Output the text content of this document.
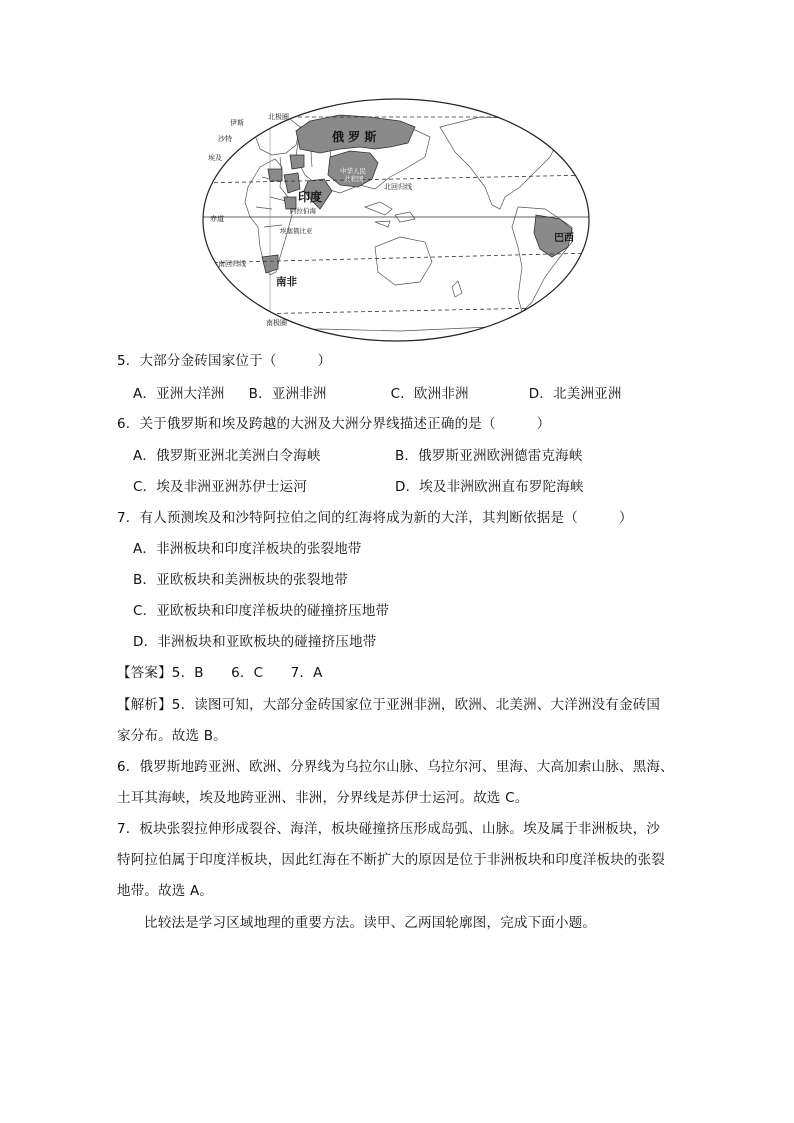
伊斯
沙特
埃及
北极圈
俄 罗 斯
中华人民
共和国
印度
北回归线
赤道
阿拉伯海
埃塞俄比亚
南回归线
南非
巴西
南极圈
5．大部分金砖国家位于（　　　）
A．亚洲大洋洲 B．亚洲非洲	C．欧洲非洲	D．北美洲亚洲
6．关于俄罗斯和埃及跨越的大洲及大洲分界线描述正确的是（　　　）
A．俄罗斯亚洲北美洲白令海峡	B．俄罗斯亚洲欧洲德雷克海峡
C．埃及非洲亚洲苏伊士运河	D．埃及非洲欧洲直布罗陀海峡
7．有人预测埃及和沙特阿拉伯之间的红海将成为新的大洋，其判断依据是（　　　）
A．非洲板块和印度洋板块的张裂地带
B．亚欧板块和美洲板块的张裂地带
C．亚欧板块和印度洋板块的碰撞挤压地带
D．非洲板块和亚欧板块的碰撞挤压地带
【答案】5．B　　6．C　　7．A
【解析】5．读图可知，大部分金砖国家位于亚洲非洲，欧洲、北美洲、大洋洲没有金砖国
家分布。故选 B。
6．俄罗斯地跨亚洲、欧洲、分界线为乌拉尔山脉、乌拉尔河、里海、大高加索山脉、黑海、
土耳其海峡，埃及地跨亚洲、非洲，分界线是苏伊士运河。故选 C。
7．板块张裂拉伸形成裂谷、海洋，板块碰撞挤压形成岛弧、山脉。埃及属于非洲板块，沙
特阿拉伯属于印度洋板块，因此红海在不断扩大的原因是位于非洲板块和印度洋板块的张裂
地带。故选 A。
比较法是学习区域地理的重要方法。读甲、乙两国轮廓图，完成下面小题。
